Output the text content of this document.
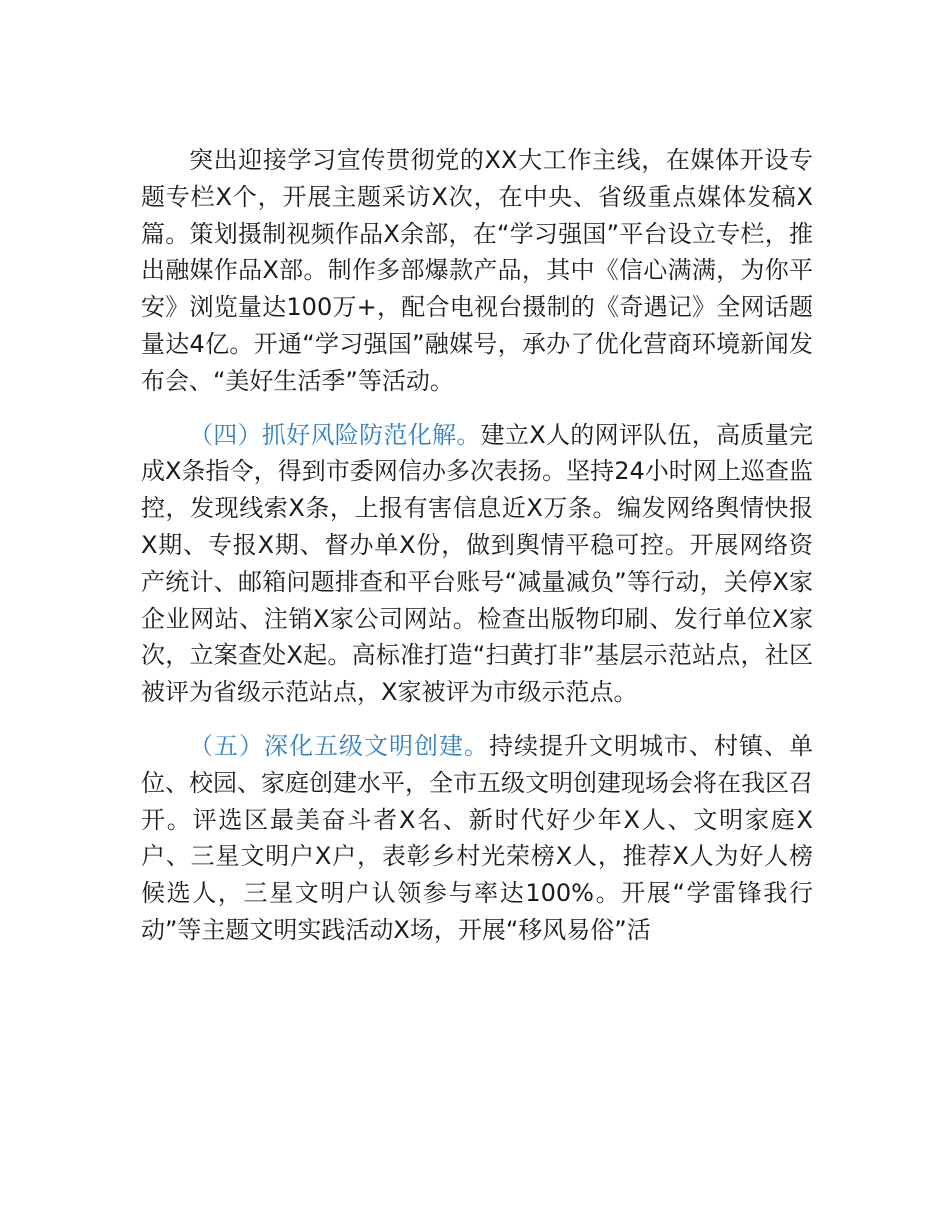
突出迎接学习宣传贯彻党的XX大工作主线，在媒体开设专题专栏X个，开展主题采访X次，在中央、省级重点媒体发稿X篇。策划摄制视频作品X余部，在“学习强国”平台设立专栏，推出融媒作品X部。制作多部爆款产品，其中《信心满满，为你平安》浏览量达100万+，配合电视台摄制的《奇遇记》全网话题量达4亿。开通“学习强国”融媒号，承办了优化营商环境新闻发布会、“美好生活季”等活动。

（四）抓好风险防范化解。建立X人的网评队伍，高质量完成X条指令，得到市委网信办多次表扬。坚持24小时网上巡查监控，发现线索X条，上报有害信息近X万条。编发网络舆情快报X期、专报X期、督办单X份，做到舆情平稳可控。开展网络资产统计、邮箱问题排查和平台账号“减量减负”等行动，关停X家企业网站、注销X家公司网站。检查出版物印刷、发行单位X家次，立案查处X起。高标准打造“扫黄打非”基层示范站点，社区被评为省级示范站点，X家被评为市级示范点。

（五）深化五级文明创建。持续提升文明城市、村镇、单位、校园、家庭创建水平，全市五级文明创建现场会将在我区召开。评选区最美奋斗者X名、新时代好少年X人、文明家庭X户、三星文明户X户，表彰乡村光荣榜X人，推荐X人为好人榜候选人，三星文明户认领参与率达100%。开展“学雷锋我行动”等主题文明实践活动X场，开展“移风易俗”活
